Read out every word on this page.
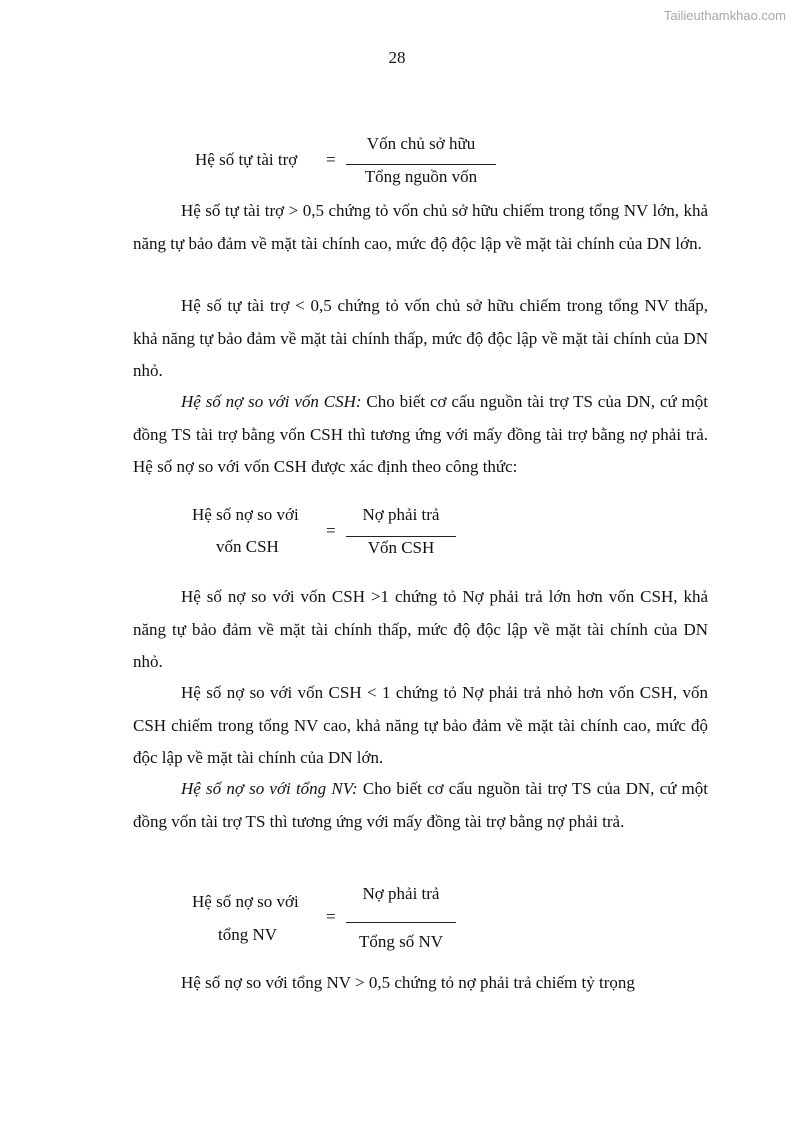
Tailieuthamkhao.com
28
Hệ số tự tài trợ =
Vốn chủ sở hữu
Tổng nguồn vốn

Hệ số tự tài trợ > 0,5 chứng tỏ vốn chủ sở hữu chiếm trong tổng NV lớn, khả năng tự bảo đảm về mặt tài chính cao, mức độ độc lập về mặt tài chính của DN lớn.

Hệ số tự tài trợ < 0,5 chứng tỏ vốn chủ sở hữu chiếm trong tổng NV thấp, khả năng tự bảo đảm về mặt tài chính thấp, mức độ độc lập về mặt tài chính của DN nhỏ.

Hệ số nợ so với vốn CSH: Cho biết cơ cấu nguồn tài trợ TS của DN, cứ một đồng TS tài trợ bằng vốn CSH thì tương ứng với mấy đồng tài trợ bằng nợ phải trả. Hệ số nợ so với vốn CSH được xác định theo công thức:

Hệ số nợ so với
vốn CSH
=
Nợ phải trả
Vốn CSH

Hệ số nợ so với vốn CSH >1 chứng tỏ Nợ phải trả lớn hơn vốn CSH, khả năng tự bảo đảm về mặt tài chính thấp, mức độ độc lập về mặt tài chính của DN nhỏ.

Hệ số nợ so với vốn CSH < 1 chứng tỏ Nợ phải trả nhỏ hơn vốn CSH, vốn CSH chiếm trong tổng NV cao, khả năng tự bảo đảm về mặt tài chính cao, mức độ độc lập về mặt tài chính của DN lớn.

Hệ số nợ so với tổng NV: Cho biết cơ cấu nguồn tài trợ TS của DN, cứ một đồng vốn tài trợ TS thì tương ứng với mấy đồng tài trợ bằng nợ phải trả.

Hệ số nợ so với
tổng NV
=
Nợ phải trả
Tổng số NV

Hệ số nợ so với tổng NV > 0,5 chứng tỏ nợ phải trả chiếm tỷ trọng
